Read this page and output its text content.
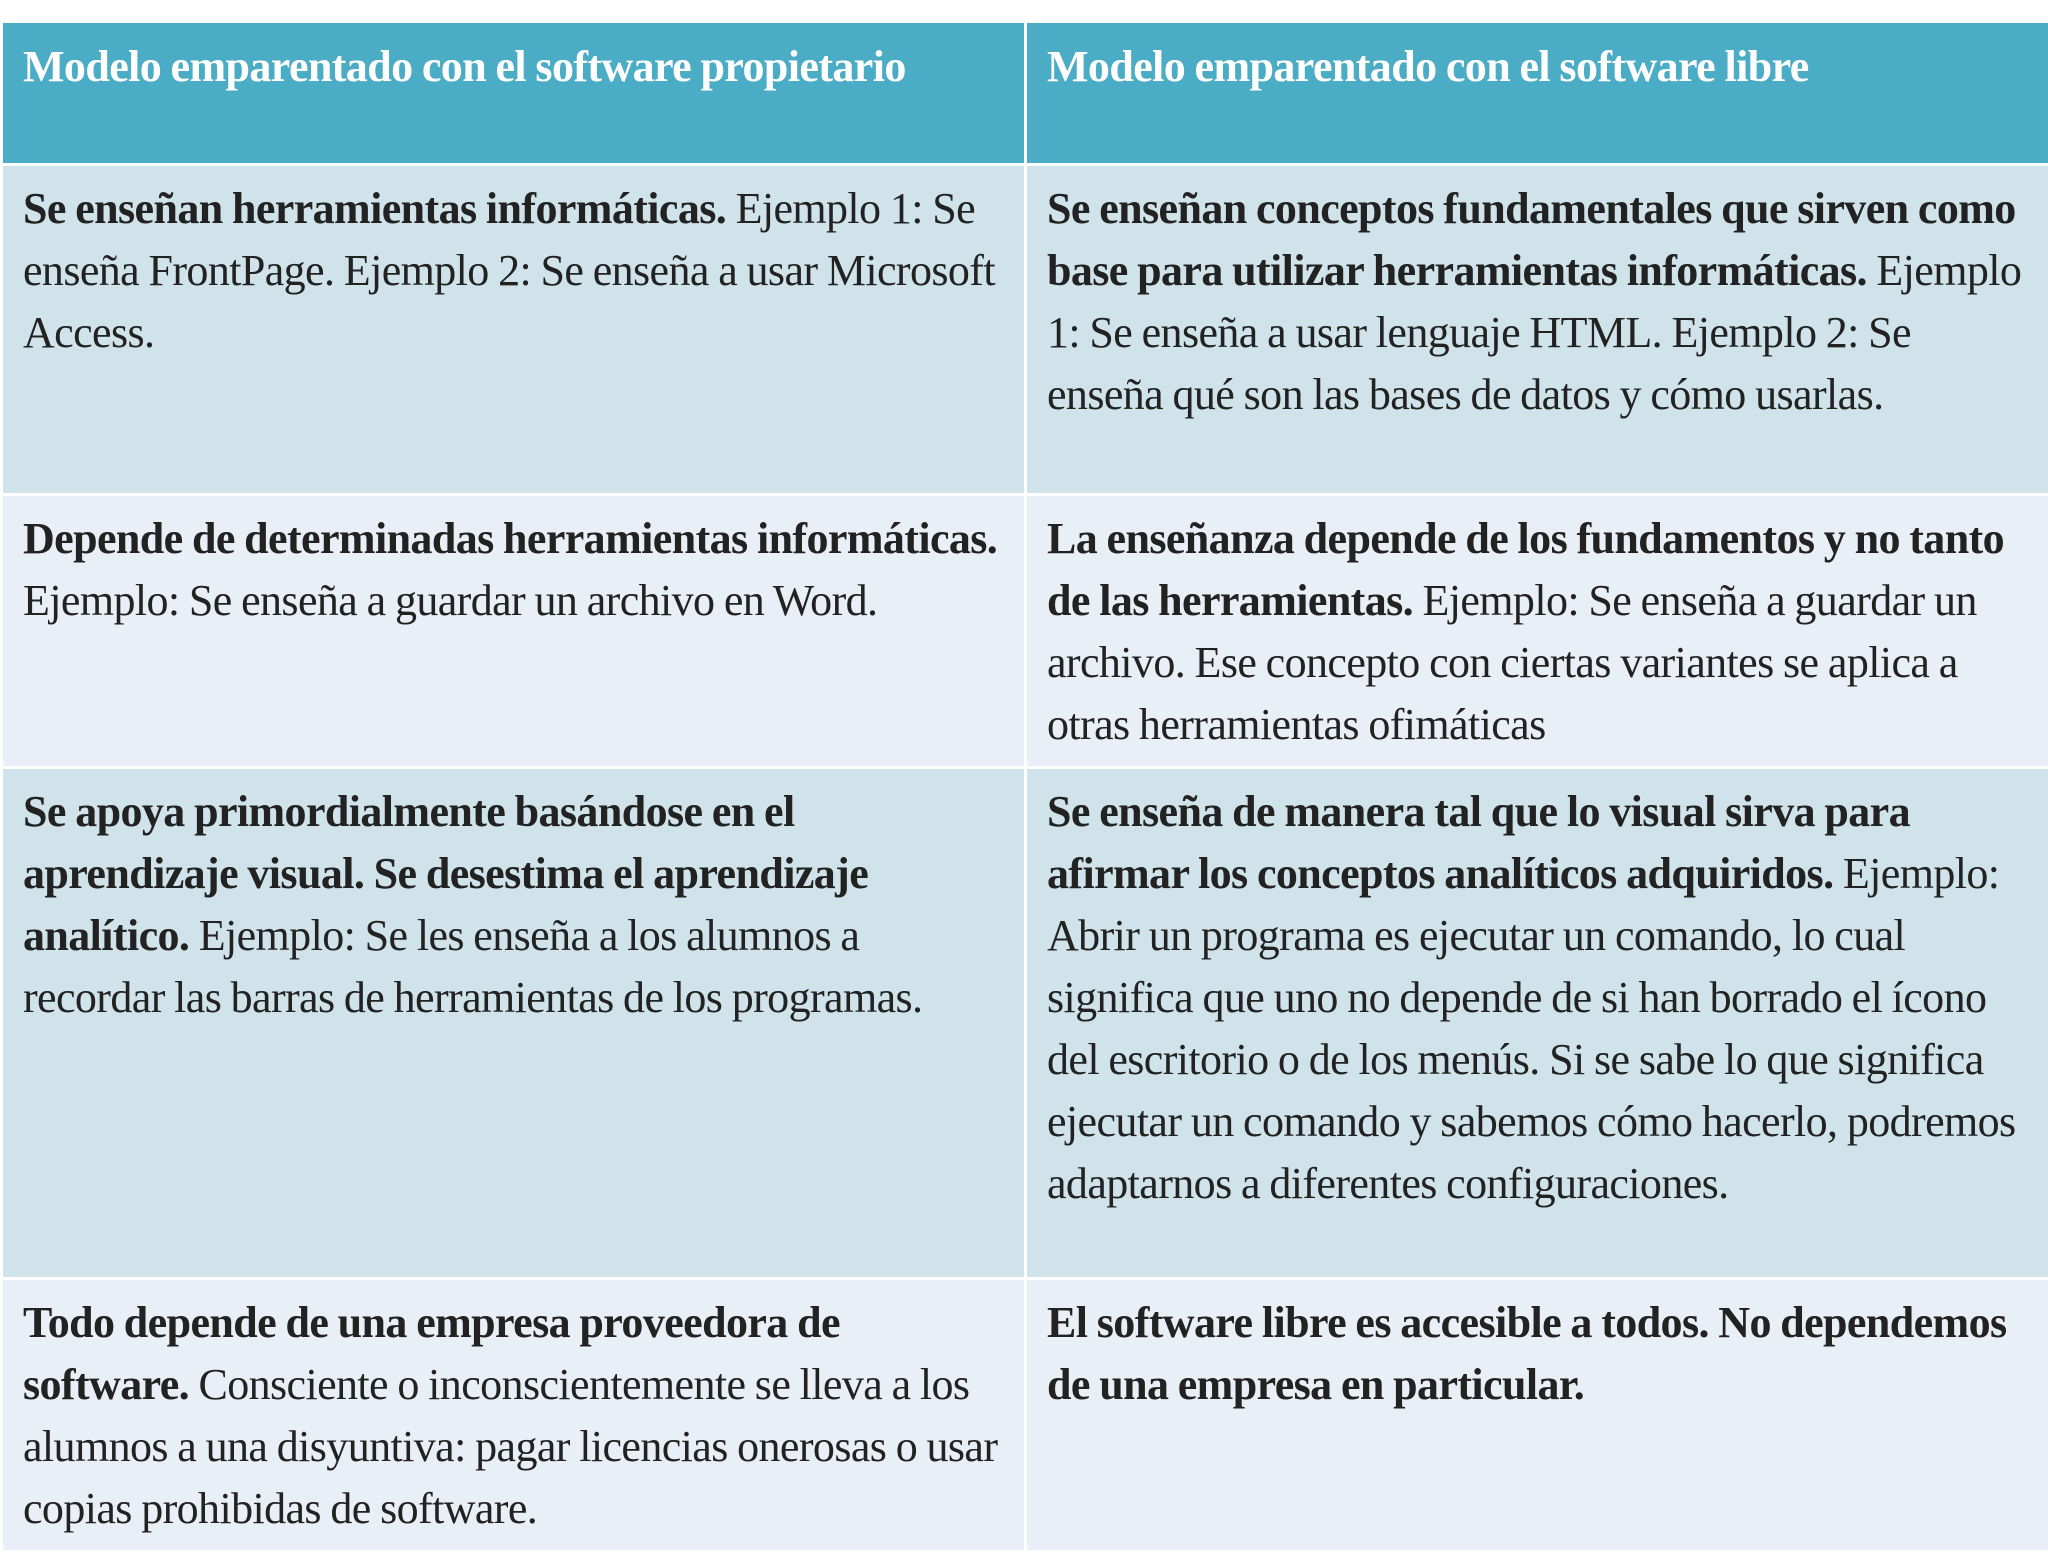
Modelo emparentado con el software propietario	Modelo emparentado con el software libre
Se enseñan herramientas informáticas. Ejemplo 1: Se enseña FrontPage. Ejemplo 2: Se enseña a usar Microsoft Access.	Se enseñan conceptos fundamentales que sirven como base para utilizar herramientas informáticas. Ejemplo 1: Se enseña a usar lenguaje HTML. Ejemplo 2: Se enseña qué son las bases de datos y cómo usarlas.
Depende de determinadas herramientas informáticas. Ejemplo: Se enseña a guardar un archivo en Word.	La enseñanza depende de los fundamentos y no tanto de las herramientas. Ejemplo: Se enseña a guardar un archivo. Ese concepto con ciertas variantes se aplica a otras herramientas ofimáticas
Se apoya primordialmente basándose en el aprendizaje visual. Se desestima el aprendizaje analítico. Ejemplo: Se les enseña a los alumnos a recordar las barras de herramientas de los programas.	Se enseña de manera tal que lo visual sirva para afirmar los conceptos analíticos adquiridos. Ejemplo: Abrir un programa es ejecutar un comando, lo cual significa que uno no depende de si han borrado el ícono del escritorio o de los menús. Si se sabe lo que significa ejecutar un comando y sabemos cómo hacerlo, podremos adaptarnos a diferentes configuraciones.
Todo depende de una empresa proveedora de software. Consciente o inconscientemente se lleva a los alumnos a una disyuntiva: pagar licencias onerosas o usar copias prohibidas de software.	El software libre es accesible a todos. No dependemos de una empresa en particular.
